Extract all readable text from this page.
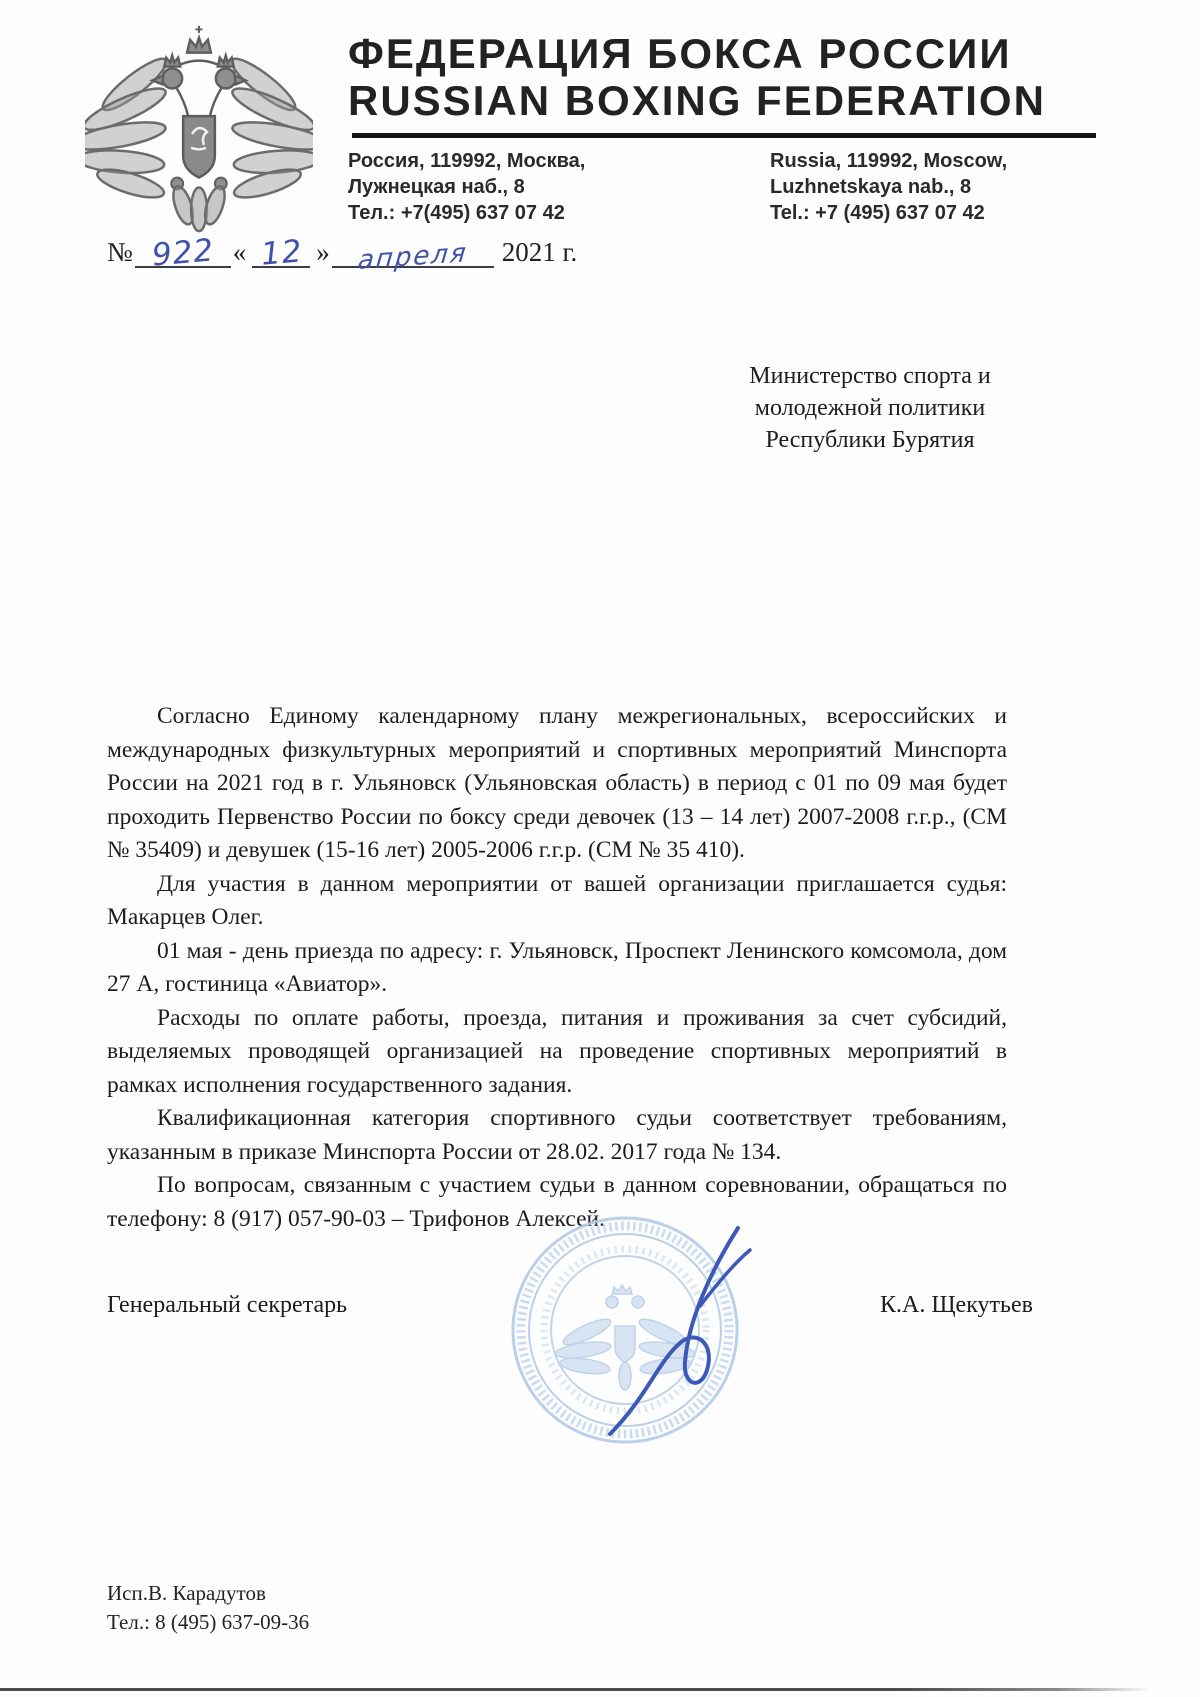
ФЕДЕРАЦИЯ БОКСА РОССИИ
RUSSIAN BOXING FEDERATION
Россия, 119992, Москва,
Лужнецкая наб., 8
Тел.: +7(495) 637 07 42
Russia, 119992, Moscow,
Luzhnetskaya nab., 8
Tel.: +7 (495) 637 07 42
№ 922 « 12 »	апреля	2021 г.
Министерство спорта и
молодежной политики
Республики Бурятия

Согласно Единому календарному плану межрегиональных, всероссийских и международных физкультурных мероприятий и спортивных мероприятий Минспорта России на 2021 год в г. Ульяновск (Ульяновская область) в период с 01 по 09 мая будет проходить Первенство России по боксу среди девочек (13 – 14 лет) 2007-2008 г.г.р., (СМ № 35409) и девушек (15-16 лет) 2005-2006 г.г.р. (СМ № 35 410).

Для участия в данном мероприятии от вашей организации приглашается судья: Макарцев Олег.

01 мая - день приезда по адресу: г. Ульяновск, Проспект Ленинского комсомола, дом 27 А, гостиница «Авиатор».

Расходы по оплате работы, проезда, питания и проживания за счет субсидий, выделяемых проводящей организацией на проведение спортивных мероприятий в рамках исполнения государственного задания.

Квалификационная категория спортивного судьи соответствует требованиям, указанным в приказе Минспорта России от 28.02. 2017 года № 134.

По вопросам, связанным с участием судьи в данном соревновании, обращаться по телефону: 8 (917) 057-90-03 – Трифонов Алексей.

Генеральный секретарь	К.А. Щекутьев
Исп.В. Карадутов
Тел.: 8 (495) 637-09-36
